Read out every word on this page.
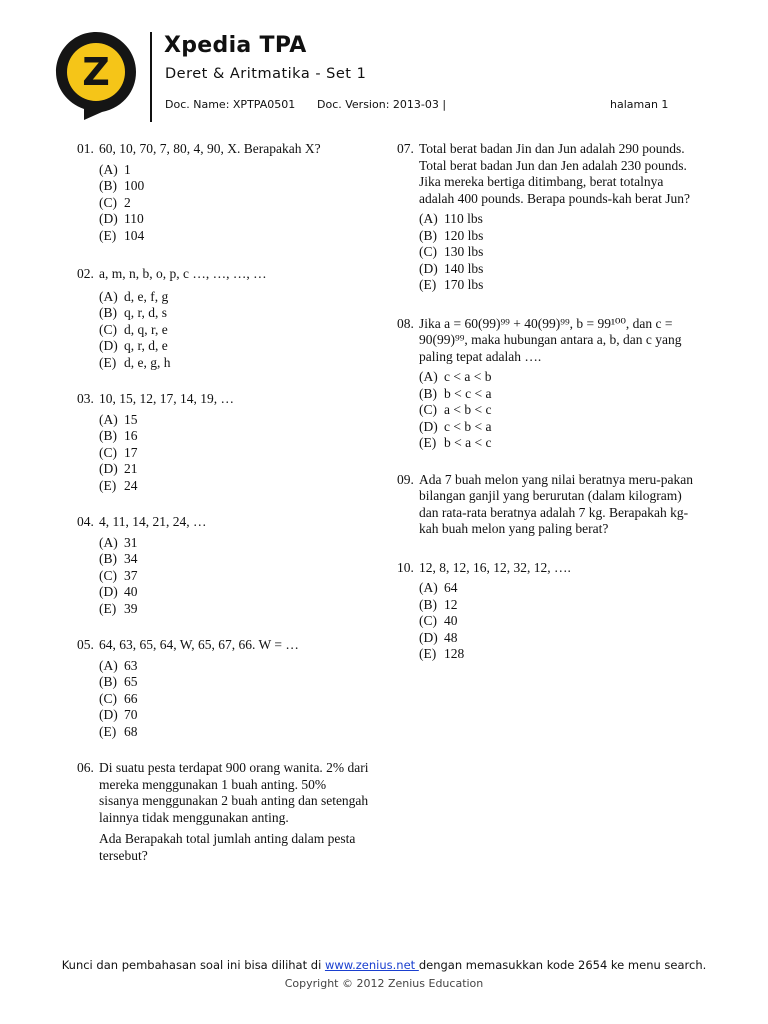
Z
Xpedia TPA
Deret & Aritmatika - Set 1
Doc. Name: XPTPA0501 Doc. Version: 2013-03 |	halaman 1
01. 60, 10, 70, 7, 80, 4, 90, X. Berapakah X?
(A) 1
(B) 100
(C) 2
(D) 110
(E) 104
02. a, m, n, b, o, p, c …, …, …, …
(A) d, e, f, g
(B) q, r, d, s
(C) d, q, r, e
(D) q, r, d, e
(E) d, e, g, h
03. 10, 15, 12, 17, 14, 19, …
(A) 15
(B) 16
(C) 17
(D) 21
(E) 24
04. 4, 11, 14, 21, 24, …
(A) 31
(B) 34
(C) 37
(D) 40
(E) 39
05. 64, 63, 65, 64, W, 65, 67, 66. W = …
(A) 63
(B) 65
(C) 66
(D) 70
(E) 68
06. Di suatu pesta terdapat 900 orang wanita. 2% dari mereka menggunakan 1 buah anting. 50% sisanya menggunakan 2 buah anting dan setengah lainnya tidak menggunakan anting.
Ada Berapakah total jumlah anting dalam pesta tersebut?
07. Total berat badan Jin dan Jun adalah 290 pounds. Total berat badan Jun dan Jen adalah 230 pounds. Jika mereka bertiga ditimbang, berat totalnya adalah 400 pounds. Berapa pounds-kah berat Jun?
(A) 110 lbs
(B) 120 lbs
(C) 130 lbs
(D) 140 lbs
(E) 170 lbs
08. Jika a = 60(99)⁹⁹ + 40(99)⁹⁹, b = 99¹⁰⁰, dan c = 90(99)⁹⁹, maka hubungan antara a, b, dan c yang paling tepat adalah ….
(A) c < a < b
(B) b < c < a
(C) a < b < c
(D) c < b < a
(E) b < a < c
09. Ada 7 buah melon yang nilai beratnya meru-pakan bilangan ganjil yang berurutan (dalam kilogram) dan rata-rata beratnya adalah 7 kg. Berapakah kg-kah buah melon yang paling berat?
10. 12, 8, 12, 16, 12, 32, 12, ….
(A) 64
(B) 12
(C) 40
(D) 48
(E) 128
Kunci dan pembahasan soal ini bisa dilihat di www.zenius.net dengan memasukkan kode 2654 ke menu search.
Copyright © 2012 Zenius Education
